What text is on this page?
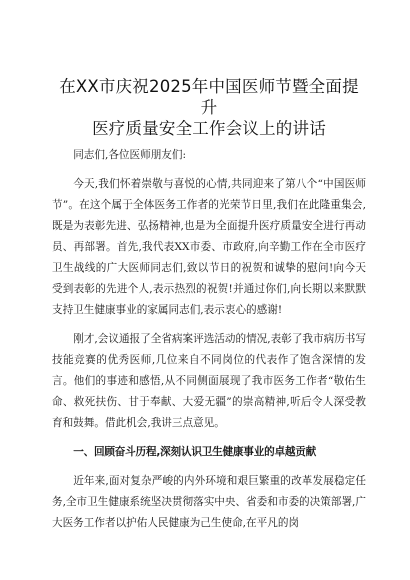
在XX市庆祝2025年中国医师节暨全面提升
医疗质量安全工作会议上的讲话

同志们,各位医师朋友们:

今天,我们怀着崇敬与喜悦的心情,共同迎来了第八个“中国医师节”。在这个属于全体医务工作者的光荣节日里,我们在此隆重集会,既是为表彰先进、弘扬精神,也是为全面提升医疗质量安全进行再动员、再部署。首先,我代表XX市委、市政府,向辛勤工作在全市医疗卫生战线的广大医师同志们,致以节日的祝贺和诚挚的慰问!向今天受到表彰的先进个人,表示热烈的祝贺!并通过你们,向长期以来默默支持卫生健康事业的家属同志们,表示衷心的感谢!

刚才,会议通报了全省病案评选活动的情况,表彰了我市病历书写技能竞赛的优秀医师,几位来自不同岗位的代表作了饱含深情的发言。他们的事迹和感悟,从不同侧面展现了我市医务工作者“敬佑生命、救死扶伤、甘于奉献、大爱无疆”的崇高精神,听后令人深受教育和鼓舞。借此机会,我讲三点意见。

一、回顾奋斗历程,深刻认识卫生健康事业的卓越贡献

近年来,面对复杂严峻的内外环境和艰巨繁重的改革发展稳定任务,全市卫生健康系统坚决贯彻落实中央、省委和市委的决策部署,广大医务工作者以护佑人民健康为己生使命,在平凡的岗
